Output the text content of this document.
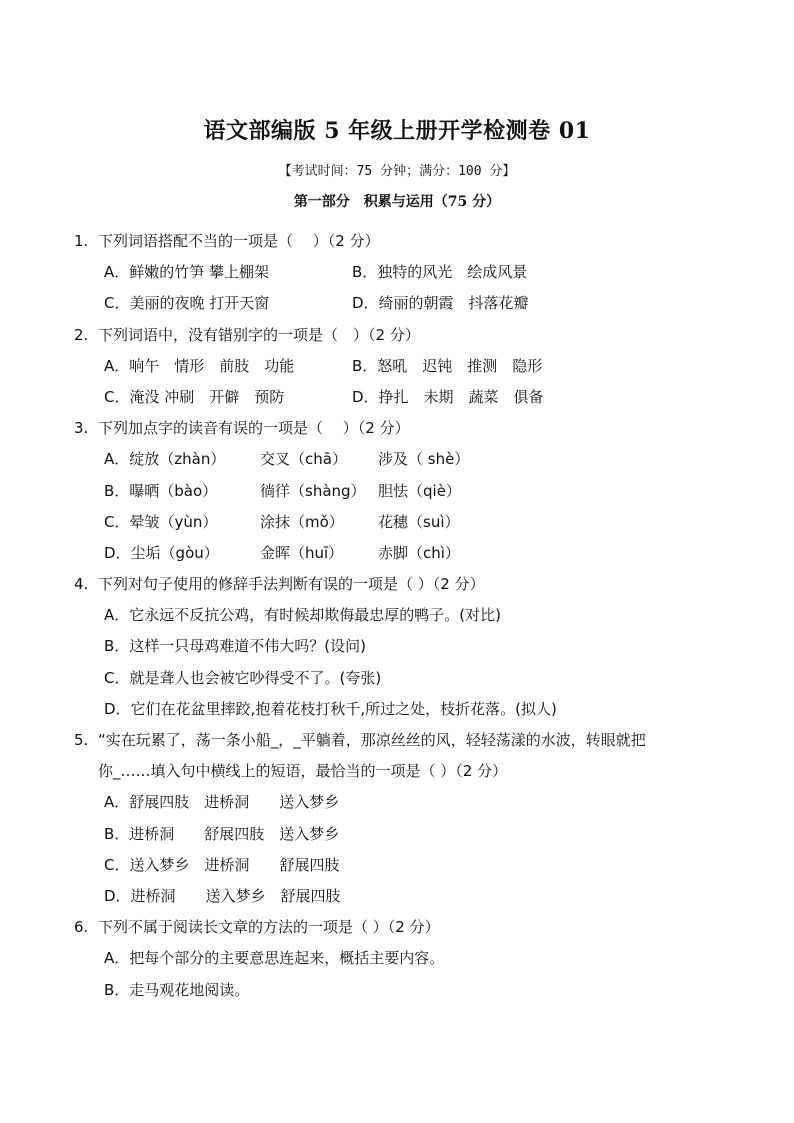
语文部编版 5 年级上册开学检测卷 01
【考试时间：75 分钟；满分：100 分】
第一部分　积累与运用（75 分）
1. 下列词语搭配不当的一项是（　 ）（2 分）
A．鲜嫩的竹笋 攀上棚架	B．独特的风光　绘成风景
C．美丽的夜晚 打开天窗	D．绮丽的朝霞　抖落花瓣
2. 下列词语中，没有错别字的一项是（　）（2 分）
A．响午　情形　前肢　功能	B．怒吼　迟钝　推测　隐形
C．淹没 冲刷　开僻　预防	D．挣扎　未期　蔬菜　俱备
3. 下列加点字的读音有误的一项是（　 ）（2 分）
A．绽放（zhàn）	交叉（chā）	涉及（ shè）
B．曝晒（bào）	徜徉（shàng） 胆怯（qiè）
C．晕皱（yùn）	涂抹（mǒ）	花穗（suì）
D．尘垢（gòu）	金晖（huī）	赤脚（chì）
4. 下列对句子使用的修辞手法判断有误的一项是（ ）（2 分）
A．它永远不反抗公鸡，有时候却欺侮最忠厚的鸭子。(对比)
B．这样一只母鸡难道不伟大吗？(设问)
C．就是聋人也会被它吵得受不了。(夸张)
D．它们在花盆里摔跤,抱着花枝打秋千,所过之处，枝折花落。(拟人)
5. “实在玩累了，荡一条小船_，_平躺着，那凉丝丝的风，轻轻荡漾的水波，转眼就把
你_……填入句中横线上的短语，最恰当的一项是（ ）（2 分）
A．舒展四肢　进桥洞　　送入梦乡
B．进桥洞　　舒展四肢　送入梦乡
C．送入梦乡　进桥洞　　舒展四肢
D．进桥洞　　送入梦乡　舒展四肢
6. 下列不属于阅读长文章的方法的一项是（ ）（2 分）
A．把每个部分的主要意思连起来，概括主要内容。
B．走马观花地阅读。
